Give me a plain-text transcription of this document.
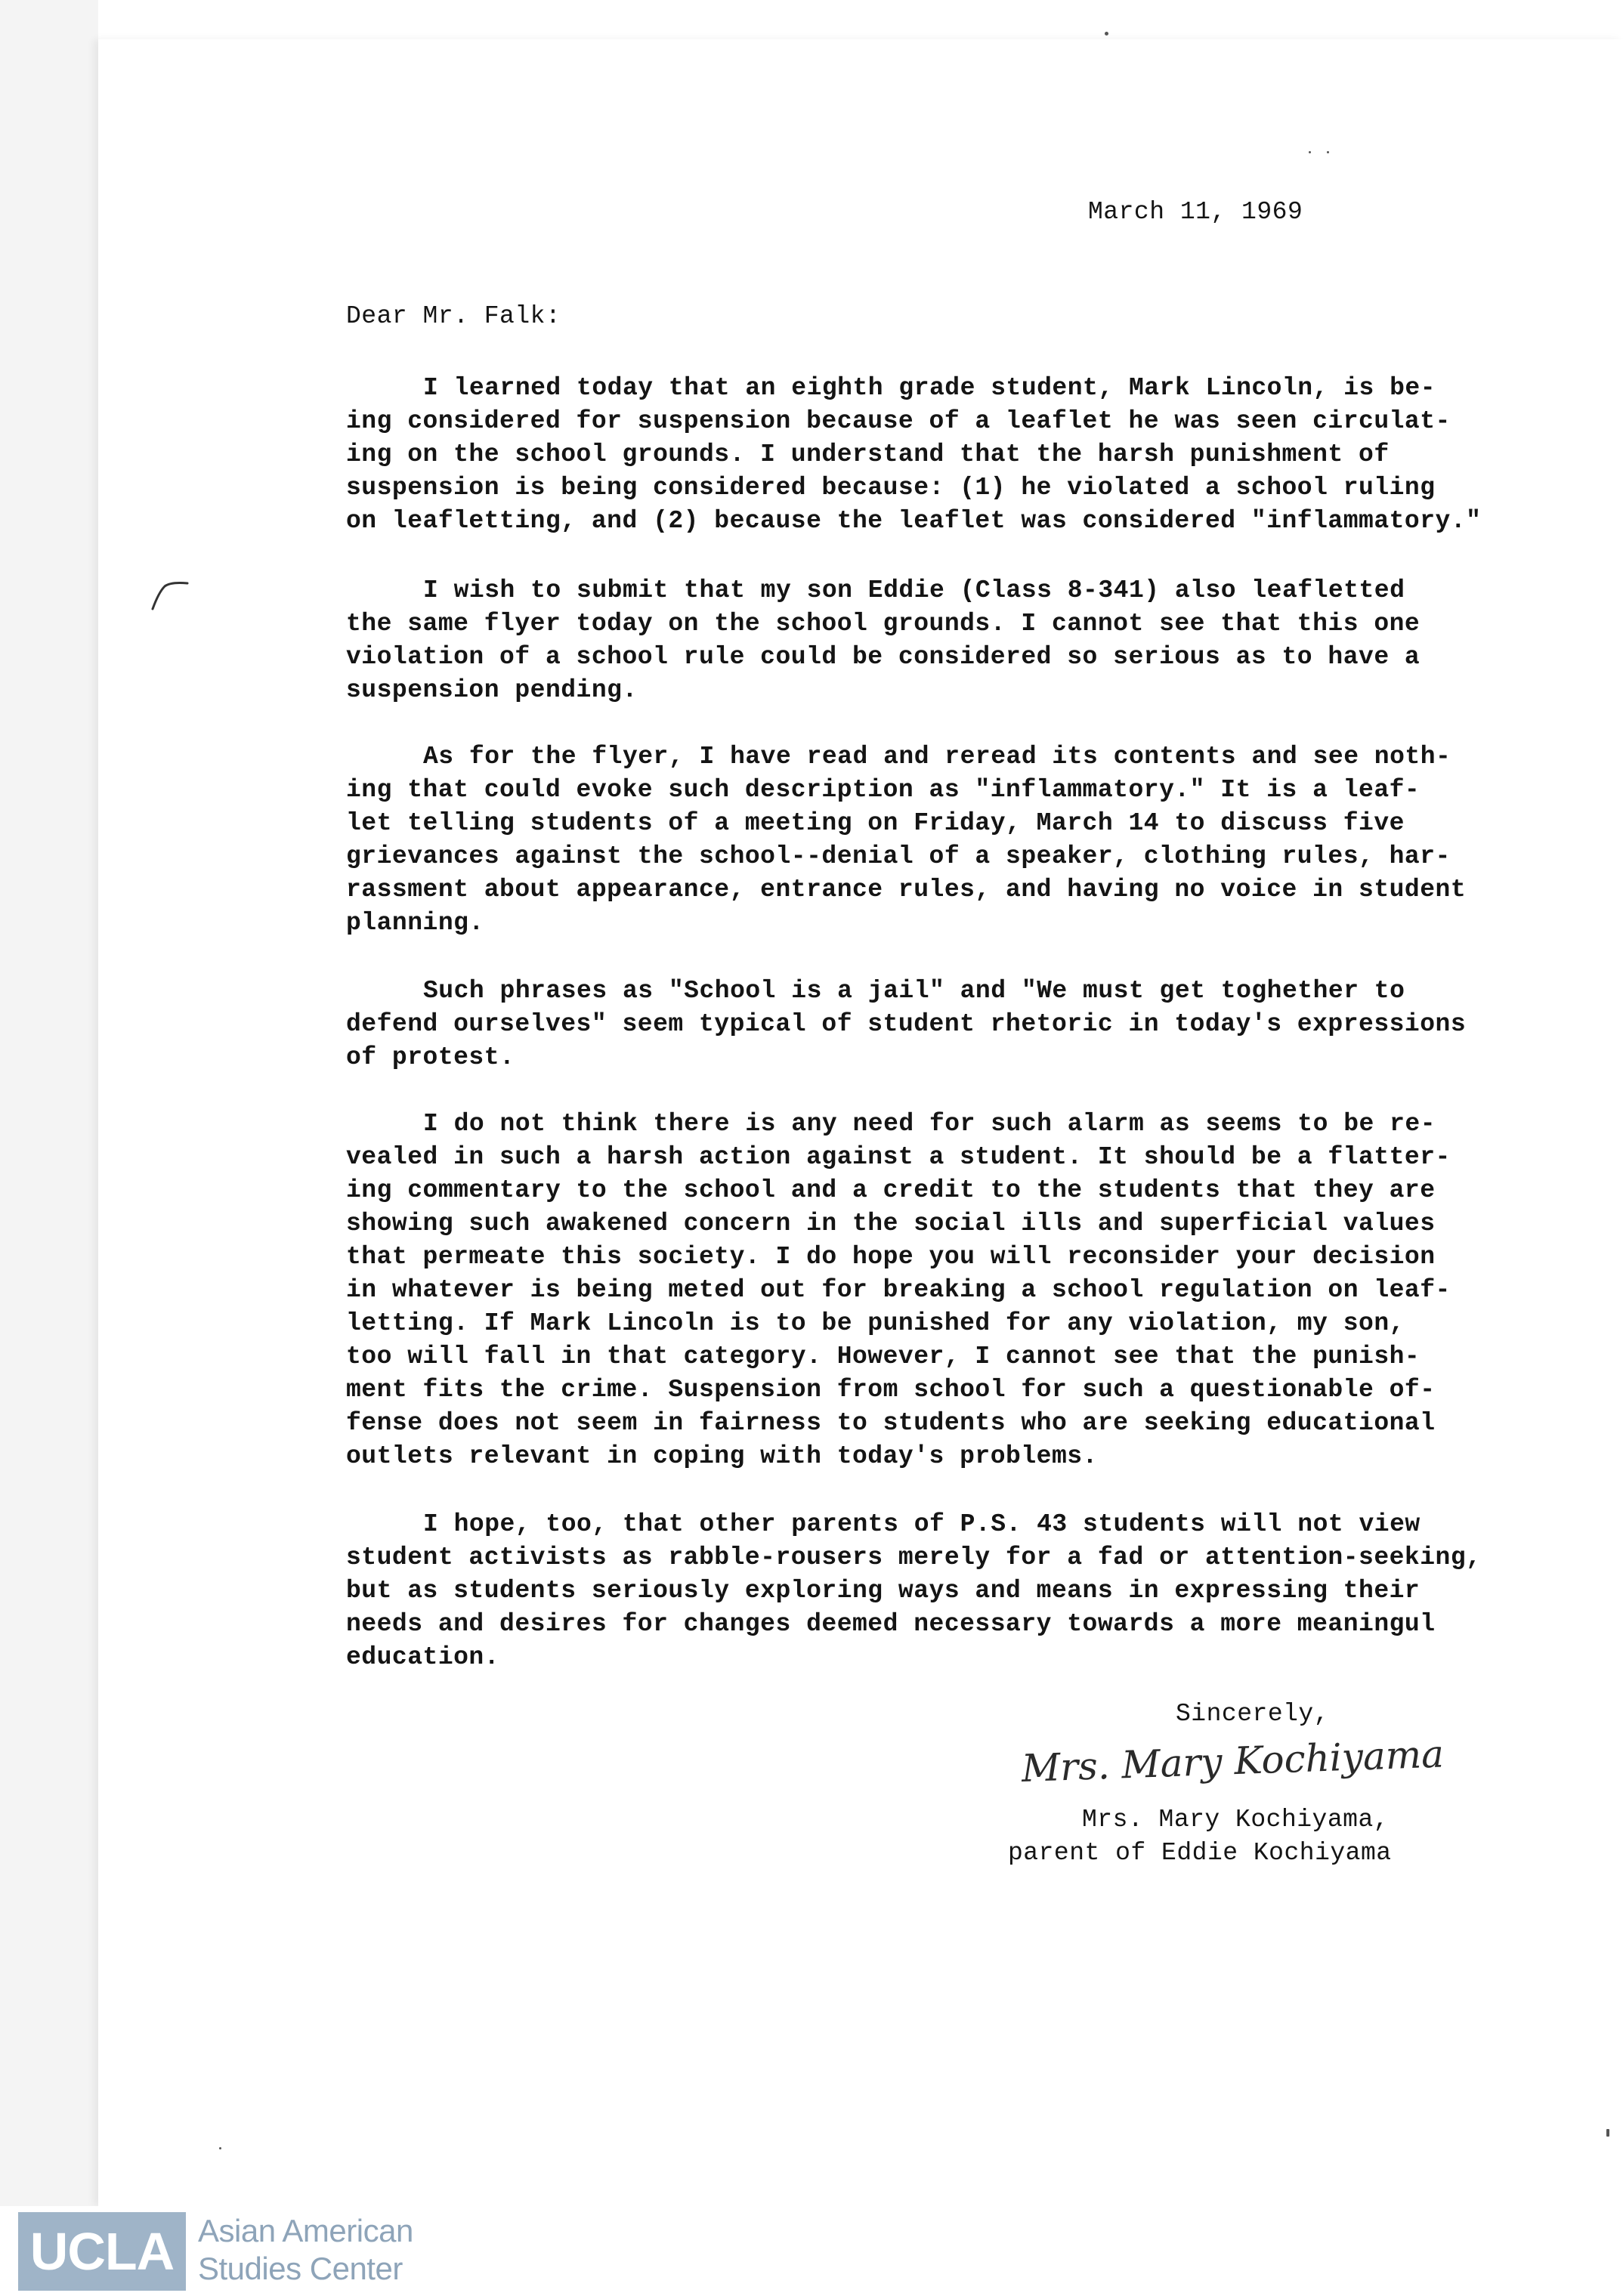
March 11, 1969

Dear Mr. Falk:

I learned today that an eighth grade student, Mark Lincoln, is be-
ing considered for suspension because of a leaflet he was seen circulat-
ing on the school grounds. I understand that the harsh punishment of
suspension is being considered because: (1) he violated a school ruling
on leafletting, and (2) because the leaflet was considered "inflammatory."
I wish to submit that my son Eddie (Class 8-341) also leafletted
the same flyer today on the school grounds. I cannot see that this one
violation of a school rule could be considered so serious as to have a
suspension pending.
As for the flyer, I have read and reread its contents and see noth-
ing that could evoke such description as "inflammatory." It is a leaf-
let telling students of a meeting on Friday, March 14 to discuss five
grievances against the school--denial of a speaker, clothing rules, har-
rassment about appearance, entrance rules, and having no voice in student
planning.
Such phrases as "School is a jail" and "We must get toghether to
defend ourselves" seem typical of student rhetoric in today's expressions
of protest.
I do not think there is any need for such alarm as seems to be re-
vealed in such a harsh action against a student. It should be a flatter-
ing commentary to the school and a credit to the students that they are
showing such awakened concern in the social ills and superficial values
that permeate this society. I do hope you will reconsider your decision
in whatever is being meted out for breaking a school regulation on leaf-
letting. If Mark Lincoln is to be punished for any violation, my son,
too will fall in that category. However, I cannot see that the punish-
ment fits the crime. Suspension from school for such a questionable of-
fense does not seem in fairness to students who are seeking educational
outlets relevant in coping with today's problems.
I hope, too, that other parents of P.S. 43 students will not view
student activists as rabble-rousers merely for a fad or attention-seeking,
but as students seriously exploring ways and means in expressing their
needs and desires for changes deemed necessary towards a more meaningul
education.

Sincerely,

Mrs. Mary Kochiyama

Mrs. Mary Kochiyama,

parent of Eddie Kochiyama

UCLA Asian American
Studies Center
